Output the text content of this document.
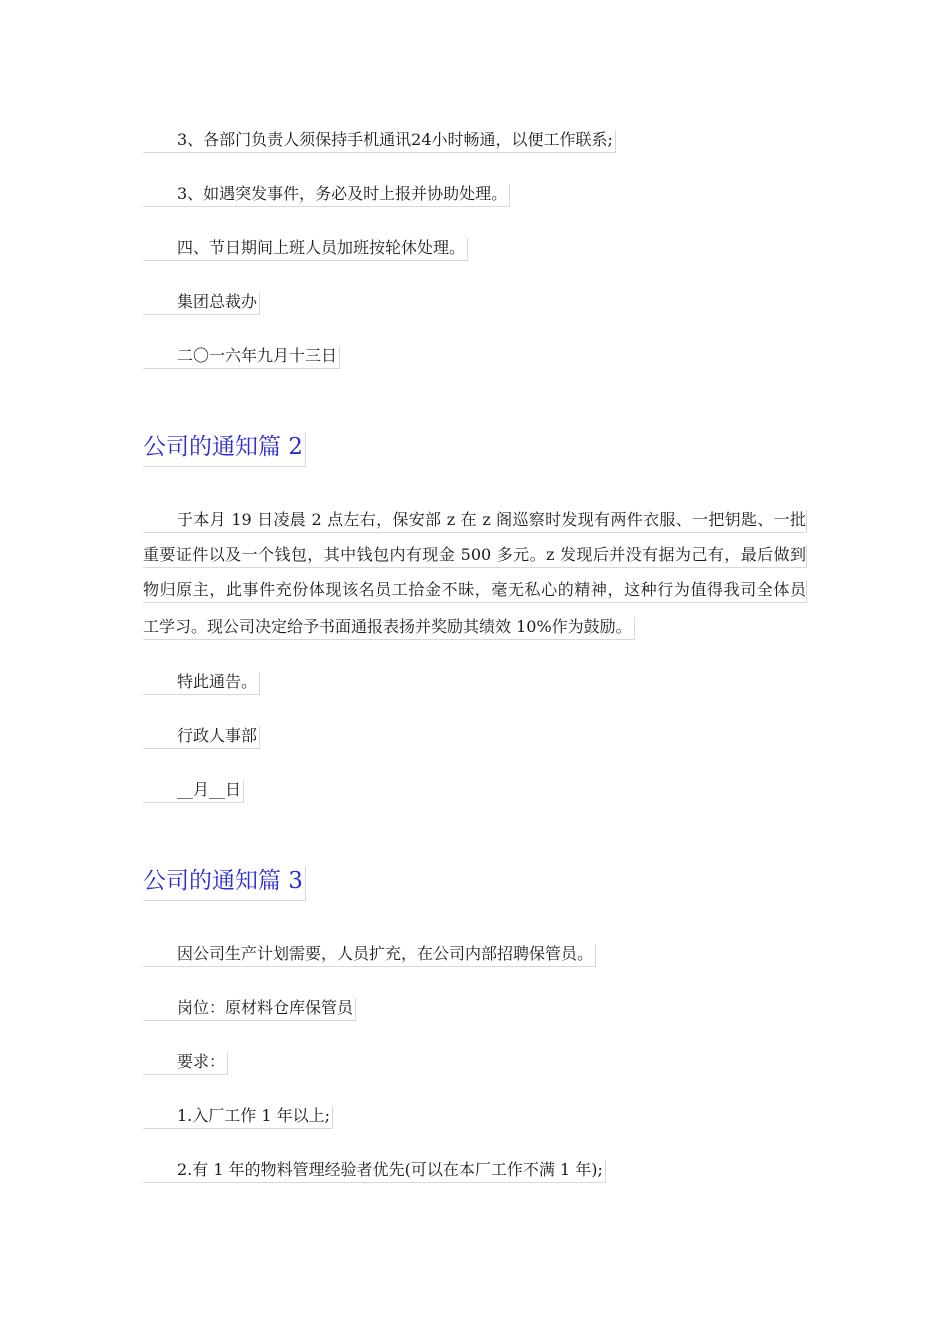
3、各部门负责人须保持手机通讯24小时畅通，以便工作联系;
3、如遇突发事件，务必及时上报并协助处理。
四、节日期间上班人员加班按轮休处理。
集团总裁办
二〇一六年九月十三日
公司的通知篇 2
于本月 19 日凌晨 2 点左右，保安部 z 在 z 阁巡察时发现有两件衣服、一把钥匙、一批
重要证件以及一个钱包，其中钱包内有现金 500 多元。z 发现后并没有据为己有，最后做到
物归原主，此事件充份体现该名员工拾金不昧，毫无私心的精神，这种行为值得我司全体员
工学习。现公司决定给予书面通报表扬并奖励其绩效 10%作为鼓励。
特此通告。
行政人事部
__月__日
公司的通知篇 3
因公司生产计划需要，人员扩充，在公司内部招聘保管员。
岗位：原材料仓库保管员
要求：
1.入厂工作 1 年以上;
2.有 1 年的物料管理经验者优先(可以在本厂工作不满 1 年);
